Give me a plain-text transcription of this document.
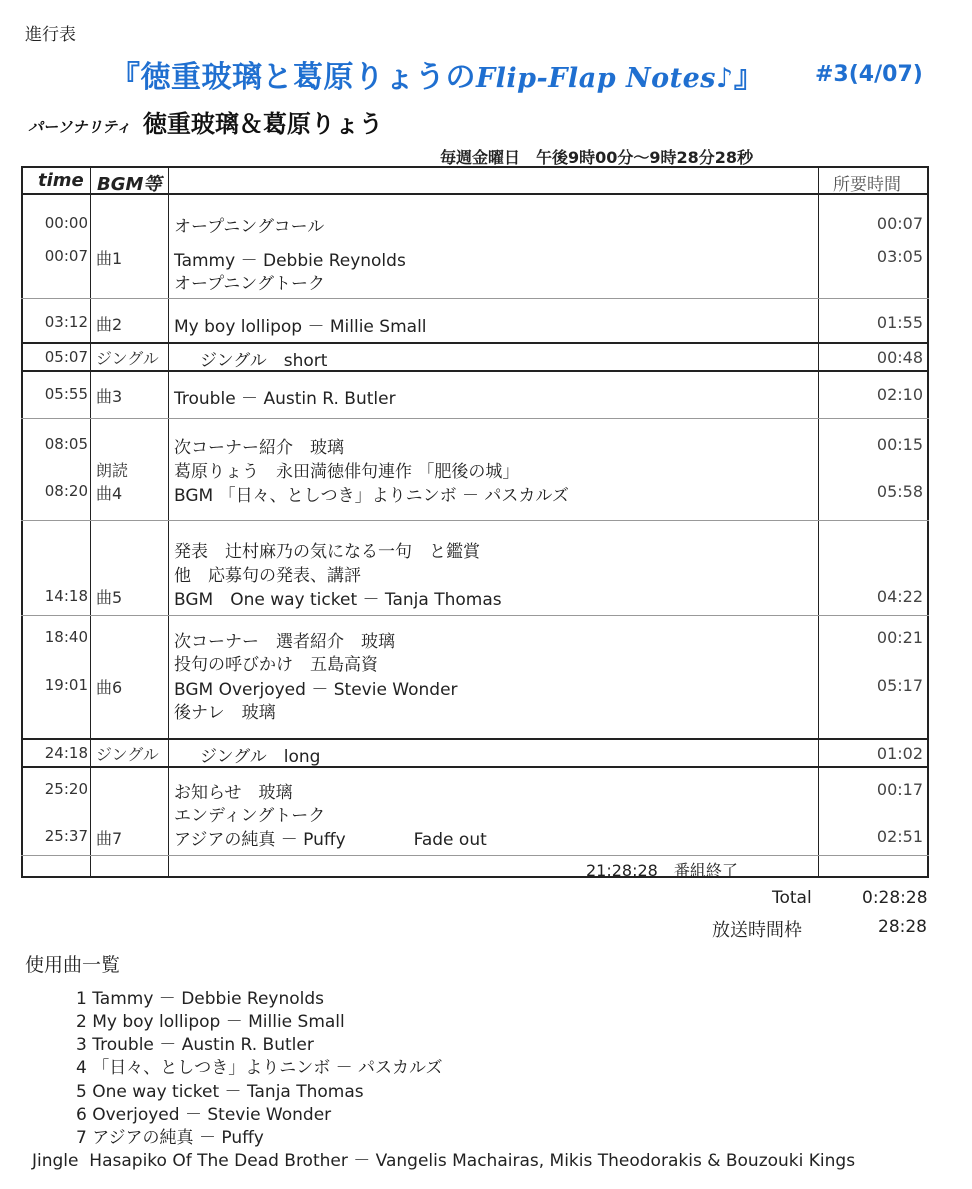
進行表
『徳重玻璃と葛原りょうのFlip-Flap Notes♪』 #3(4/07)
パーソナリティ 徳重玻璃＆葛原りょう
毎週金曜日　午後9時00分～9時28分28秒
time BGM等	所要時間
00:00	オープニングコール	00:07
00:07 曲1	Tammy － Debbie Reynolds	03:05
オープニングトーク
03:12 曲2	My boy lollipop － Millie Small	01:55
05:07 ジングル ジングル　short	00:48
05:55 曲3	Trouble － Austin R. Butler	02:10
08:05	次コーナー紹介　玻璃	00:15
朗読	葛原りょう　永田満徳俳句連作 「肥後の城」
08:20 曲4	BGM 「日々、としつき」よりニンボ － パスカルズ	05:58
発表　辻村麻乃の気になる一句　と鑑賞
他　応募句の発表、講評
14:18 曲5	BGM　One way ticket － Tanja Thomas	04:22
18:40	次コーナー　選者紹介　玻璃	00:21
投句の呼びかけ　五島高資
19:01 曲6	BGM Overjoyed － Stevie Wonder	05:17
後ナレ　玻璃
24:18 ジングル ジングル　long	01:02
25:20	お知らせ　玻璃	00:17
エンディングトーク
25:37 曲7	アジアの純真 － Puffy　　　　Fade out	02:51
21:28:28　番組終了
Total	0:28:28
放送時間枠	28:28
使用曲一覧
1 Tammy － Debbie Reynolds
2 My boy lollipop － Millie Small
3 Trouble － Austin R. Butler
4 「日々、としつき」よりニンボ － パスカルズ
5 One way ticket － Tanja Thomas
6 Overjoyed － Stevie Wonder
7 アジアの純真 － Puffy
Jingle Hasapiko Of The Dead Brother － Vangelis Machairas, Mikis Theodorakis & Bouzouki Kings
